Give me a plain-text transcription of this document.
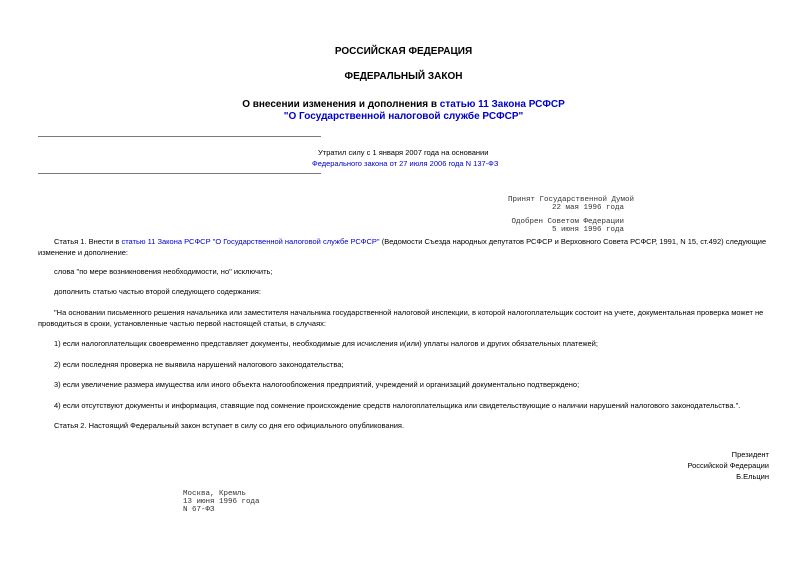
РОССИЙСКАЯ ФЕДЕРАЦИЯ
ФЕДЕРАЛЬНЫЙ ЗАКОН
О внесении изменения и дополнения в статью 11 Закона РСФСР
"О Государственной налоговой службе РСФСР"
Утратил силу с 1 января 2007 года на основании
Федерального закона от 27 июля 2006 года N 137-ФЗ
Принят Государственной Думой
22 мая 1996 года
Одобрен Советом Федерации
5 июня 1996 года
Статья 1. Внести в статью 11 Закона РСФСР "О Государственной налоговой службе РСФСР" (Ведомости Съезда народных депутатов РСФСР и Верховного Совета РСФСР, 1991, N 15, ст.492) следующие
изменение и дополнение:
слова "по мере возникновения необходимости, но" исключить;
дополнить статью частью второй следующего содержания:
"На основании письменного решения начальника или заместителя начальника государственной налоговой инспекции, в которой налогоплательщик состоит на учете, документальная проверка может не
проводиться в сроки, установленные частью первой настоящей статьи, в случаях:
1) если налогоплательщик своевременно представляет документы, необходимые для исчисления и(или) уплаты налогов и других обязательных платежей;
2) если последняя проверка не выявила нарушений налогового законодательства;
3) если увеличение размера имущества или иного объекта налогообложения предприятий, учреждений и организаций документально подтверждено;
4) если отсутствуют документы и информация, ставящие под сомнение происхождение средств налогоплательщика или свидетельствующие о наличии нарушений налогового законодательства.".
Статья 2. Настоящий Федеральный закон вступает в силу со дня его официального опубликования.
Президент
Российской Федерации
Б.Ельцин
Москва, Кремль
13 июня 1996 года
N 67-ФЗ
